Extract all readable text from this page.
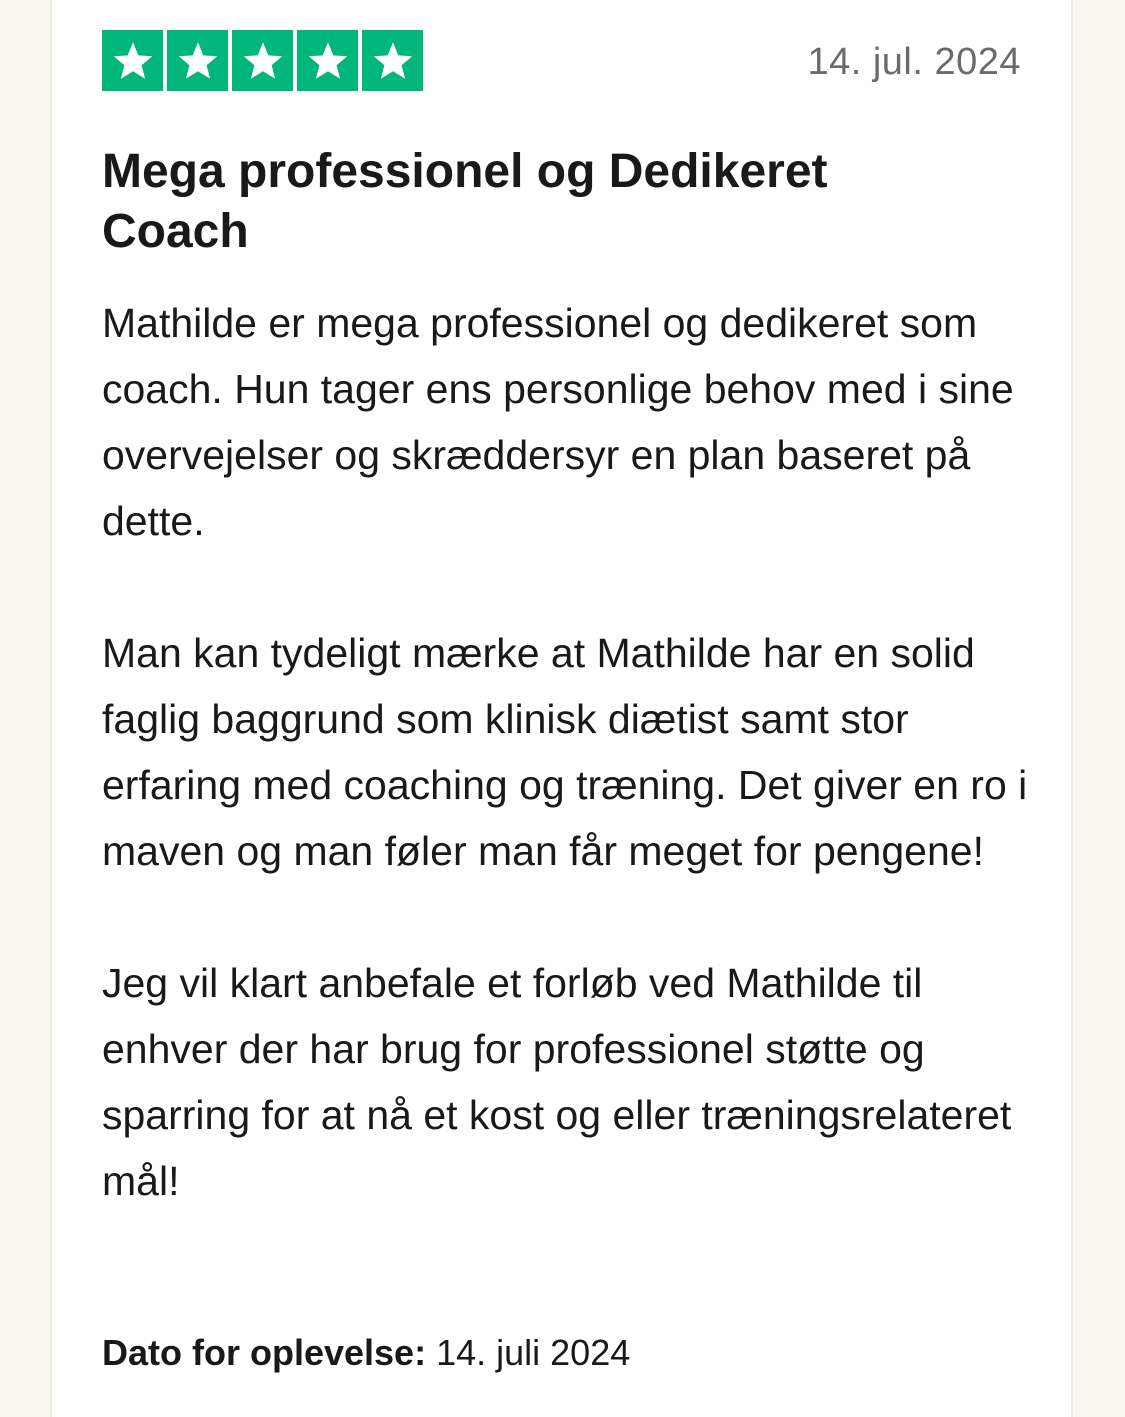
14. jul. 2024
Mega professionel og Dedikeret Coach

Mathilde er mega professionel og dedikeret som coach. Hun tager ens personlige behov med i sine overvejelser og skræddersyr en plan baseret på dette.

Man kan tydeligt mærke at Mathilde har en solid faglig baggrund som klinisk diætist samt stor erfaring med coaching og træning. Det giver en ro i maven og man føler man får meget for pengene!

Jeg vil klart anbefale et forløb ved Mathilde til enhver der har brug for professionel støtte og sparring for at nå et kost og eller træningsrelateret mål!

Dato for oplevelse: 14. juli 2024
